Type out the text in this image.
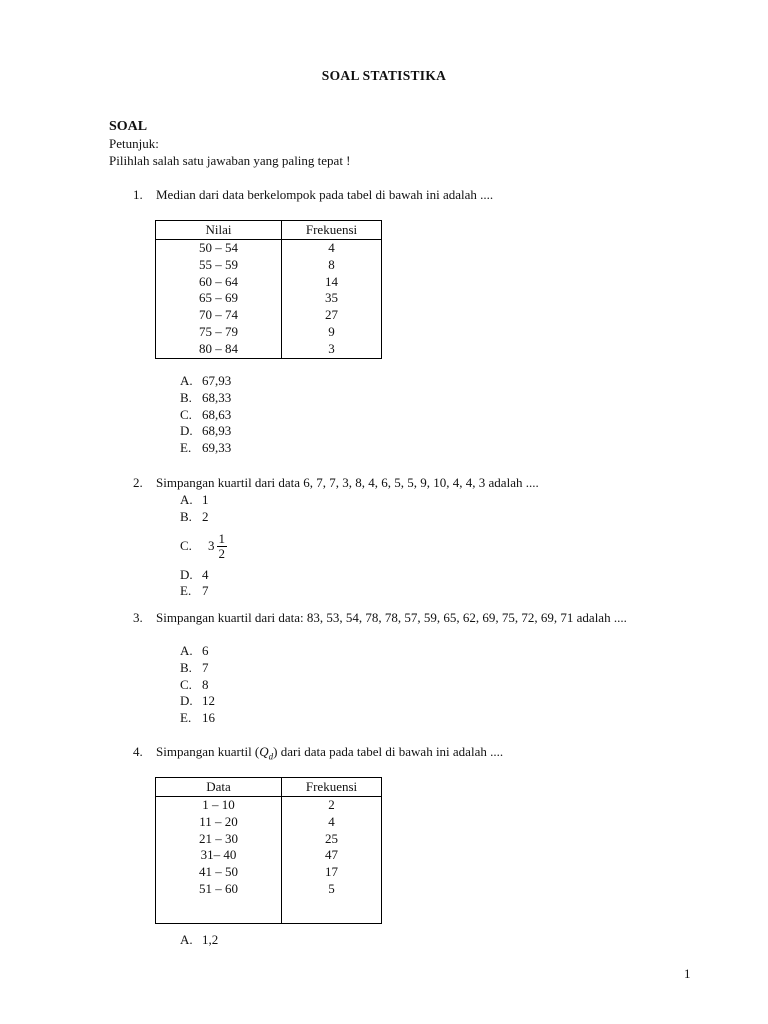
SOAL STATISTIKA
SOAL
Petunjuk:
Pilihlah salah satu jawaban yang paling tepat !
1. Median dari data berkelompok pada tabel di bawah ini adalah ....
Nilai	Frekuensi
50 – 54	4
55 – 59	8
60 – 64	14
65 – 69	35
70 – 74	27
75 – 79	9
80 – 84	3
A. 67,93
B. 68,33
C. 68,63
D. 68,93
E. 69,33
2. Simpangan kuartil dari data 6, 7, 7, 3, 8, 4, 6, 5, 5, 9, 10, 4, 4, 3 adalah ....
A. 1
B. 2
C.	$3 \frac{1}{2}$
D. 4
E. 7
3. Simpangan kuartil dari data: 83, 53, 54, 78, 78, 57, 59, 65, 62, 69, 75, 72, 69, 71 adalah ....
A. 6
B. 7
C. 8
D. 12
E. 16
4. Simpangan kuartil $(Q_d)$ dari data pada tabel di bawah ini adalah ....
Data	Frekuensi
1 – 10	2
11 – 20	4
21 – 30	25
31– 40	47
41 – 50	17
51 – 60	5

A. 1,2
1
